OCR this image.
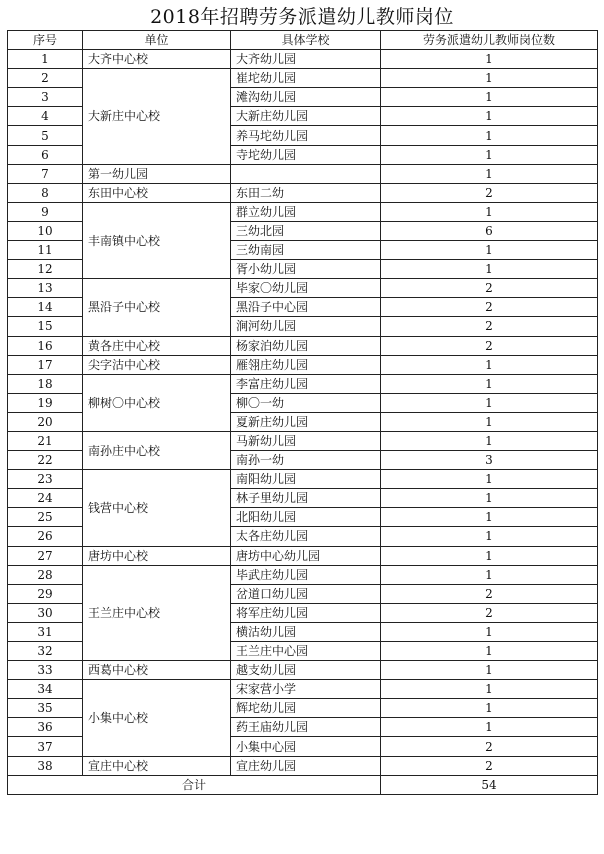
2018年招聘劳务派遣幼儿教师岗位
序号	单位	具体学校	劳务派遣幼儿教师岗位数
1	大齐中心校	大齐幼儿园	1
2	大新庄中心校	崔坨幼儿园	1
3		滩沟幼儿园	1
4		大新庄幼儿园	1
5		养马坨幼儿园	1
6		寺坨幼儿园	1
7	第一幼儿园		1
8	东田中心校	东田二幼	2
9	丰南镇中心校	群立幼儿园	1
10		三幼北园	6
11		三幼南园	1
12		胥小幼儿园	1
13	黑沿子中心校	毕家〇幼儿园	2
14		黑沿子中心园	2
15		涧河幼儿园	2
16	黄各庄中心校	杨家泊幼儿园	2
17	尖字沽中心校	雁翎庄幼儿园	1
18	柳树〇中心校	李富庄幼儿园	1
19		柳〇一幼	1
20		夏新庄幼儿园	1
21	南孙庄中心校	马新幼儿园	1
22		南孙一幼	3
23	钱营中心校	南阳幼儿园	1
24		林子里幼儿园	1
25		北阳幼儿园	1
26		太各庄幼儿园	1
27	唐坊中心校	唐坊中心幼儿园	1
28	王兰庄中心校	毕武庄幼儿园	1
29		岔道口幼儿园	2
30		将军庄幼儿园	2
31		横沽幼儿园	1
32		王兰庄中心园	1
33	西葛中心校	越支幼儿园	1
34	小集中心校	宋家营小学	1
35		辉坨幼儿园	1
36		药王庙幼儿园	1
37		小集中心园	2
38	宣庄中心校	宣庄幼儿园	2
合计			54
